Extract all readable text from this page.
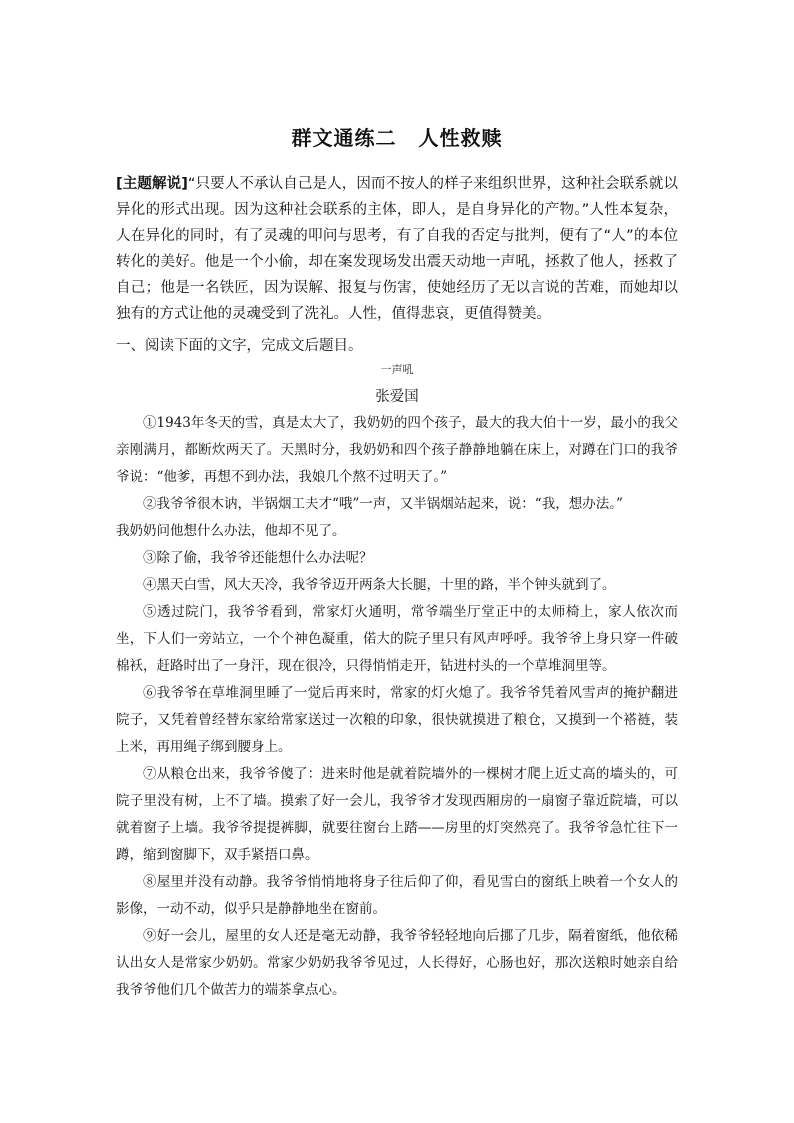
群文通练二 人性救赎
[主题解说]“只要人不承认自己是人，因而不按人的样子来组织世界，这种社会联系就以异化的形式出现。因为这种社会联系的主体，即人，是自身异化的产物。”人性本复杂，人在异化的同时，有了灵魂的叩问与思考，有了自我的否定与批判，便有了“人”的本位转化的美好。他是一个小偷，却在案发现场发出震天动地一声吼，拯救了他人，拯救了自己；他是一名铁匠，因为误解、报复与伤害，使她经历了无以言说的苦难，而她却以独有的方式让他的灵魂受到了洗礼。人性，值得悲哀，更值得赞美。
一、阅读下面的文字，完成文后题目。
一声吼
张爱国

①1943年冬天的雪，真是太大了，我奶奶的四个孩子，最大的我大伯十一岁，最小的我父亲刚满月，都断炊两天了。天黑时分，我奶奶和四个孩子静静地躺在床上，对蹲在门口的我爷爷说：“他爹，再想不到办法，我娘几个熬不过明天了。”

②我爷爷很木讷，半锅烟工夫才“哦”一声，又半锅烟站起来，说：“我，想办法。”

我奶奶问他想什么办法，他却不见了。

③除了偷，我爷爷还能想什么办法呢？

④黑天白雪，风大天冷，我爷爷迈开两条大长腿，十里的路，半个钟头就到了。

⑤透过院门，我爷爷看到，常家灯火通明，常爷端坐厅堂正中的太师椅上，家人依次而坐，下人们一旁站立，一个个神色凝重，偌大的院子里只有风声呼呼。我爷爷上身只穿一件破棉袄，赶路时出了一身汗，现在很冷，只得悄悄走开，钻进村头的一个草堆洞里等。

⑥我爷爷在草堆洞里睡了一觉后再来时，常家的灯火熄了。我爷爷凭着风雪声的掩护翻进院子，又凭着曾经替东家给常家送过一次粮的印象，很快就摸进了粮仓，又摸到一个褡裢，装上米，再用绳子绑到腰身上。

⑦从粮仓出来，我爷爷傻了：进来时他是就着院墙外的一棵树才爬上近丈高的墙头的，可院子里没有树，上不了墙。摸索了好一会儿，我爷爷才发现西厢房的一扇窗子靠近院墙，可以就着窗子上墙。我爷爷提提裤脚，就要往窗台上踏——房里的灯突然亮了。我爷爷急忙往下一蹲，缩到窗脚下，双手紧捂口鼻。

⑧屋里并没有动静。我爷爷悄悄地将身子往后仰了仰，看见雪白的窗纸上映着一个女人的影像，一动不动，似乎只是静静地坐在窗前。

⑨好一会儿，屋里的女人还是毫无动静，我爷爷轻轻地向后挪了几步，隔着窗纸，他依稀认出女人是常家少奶奶。常家少奶奶我爷爷见过，人长得好，心肠也好，那次送粮时她亲自给我爷爷他们几个做苦力的端茶拿点心。
